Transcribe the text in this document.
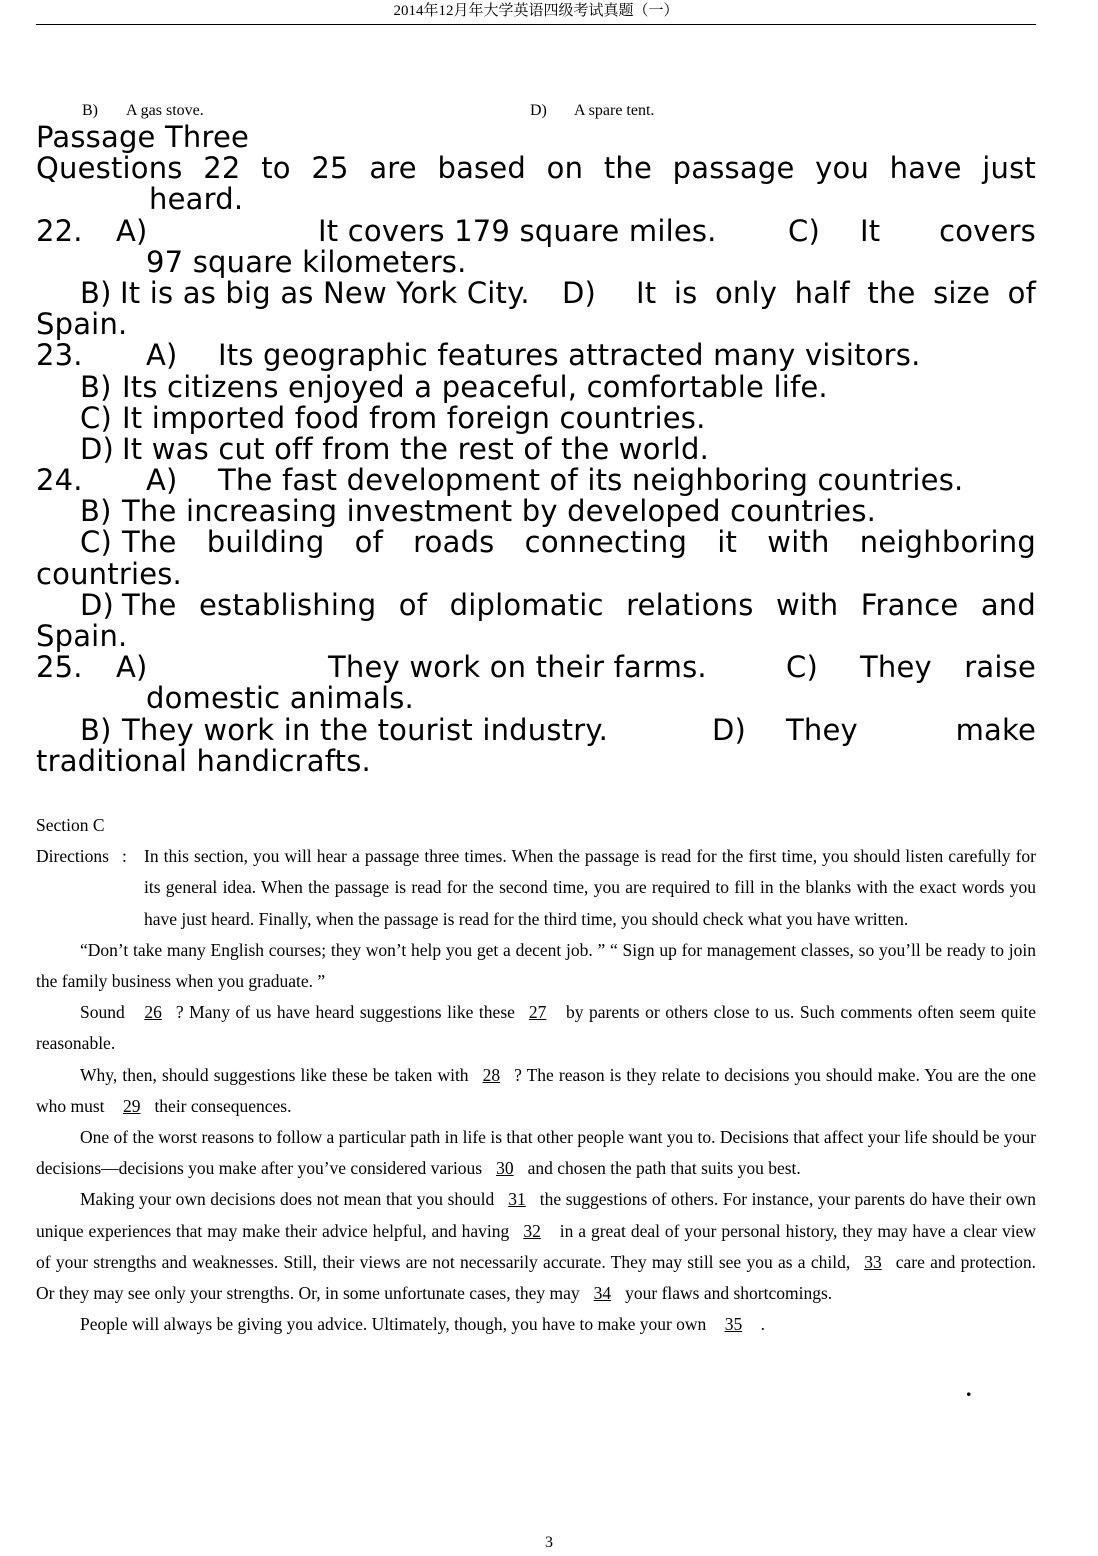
2014年12月年大学英语四级考试真题（一）
B) A gas stove.	D) A spare tent.
Passage Three
Questions 22 to 25 are based on the passage you have just
heard.
22. A)	It covers 179 square miles. C) It covers
97 square kilometers.
B) It is as big as New York City. D) It is only half the size of
Spain.
23. A) Its geographic features attracted many visitors.
B) Its citizens enjoyed a peaceful, comfortable life.
C) It imported food from foreign countries.
D) It was cut off from the rest of the world.
24. A) The fast development of its neighboring countries.
B) The increasing investment by developed countries.
C) The building of roads connecting it with neighboring
countries.
D) The establishing of diplomatic relations with France and
Spain.
25. A)	They work on their farms.	C) They raise
domestic animals.
B) They work in the tourist industry.	D) They	make
traditional handicrafts.
Section C
Directions   : In this section, you will hear a passage three times. When the passage is read for the first time, you should listen carefully for its general idea. When the passage is read for the second time, you are required to fill in the blanks with the exact words you have just heard. Finally, when the passage is read for the third time, you should check what you have written.
“Don’t take many English courses; they won’t help you get a decent job. ” “ Sign up for management classes, so you’ll be ready to join the family business when you graduate. ”
Sound 26 ? Many of us have heard suggestions like these 27 by parents or others close to us. Such comments often seem quite reasonable.
Why, then, should suggestions like these be taken with 28 ? The reason is they relate to decisions you should make. You are the one who must 29 their consequences.
One of the worst reasons to follow a particular path in life is that other people want you to. Decisions that affect your life should be your decisions—decisions you make after you’ve considered various 30 and chosen the path that suits you best.
Making your own decisions does not mean that you should 31 the suggestions of others. For instance, your parents do have their own unique experiences that may make their advice helpful, and having 32 in a great deal of your personal history, they may have a clear view of your strengths and weaknesses. Still, their views are not necessarily accurate. They may still see you as a child, 33 care and protection. Or they may see only your strengths. Or, in some unfortunate cases, they may 34 your flaws and shortcomings.
People will always be giving you advice. Ultimately, though, you have to make your own 35 .
.
3
